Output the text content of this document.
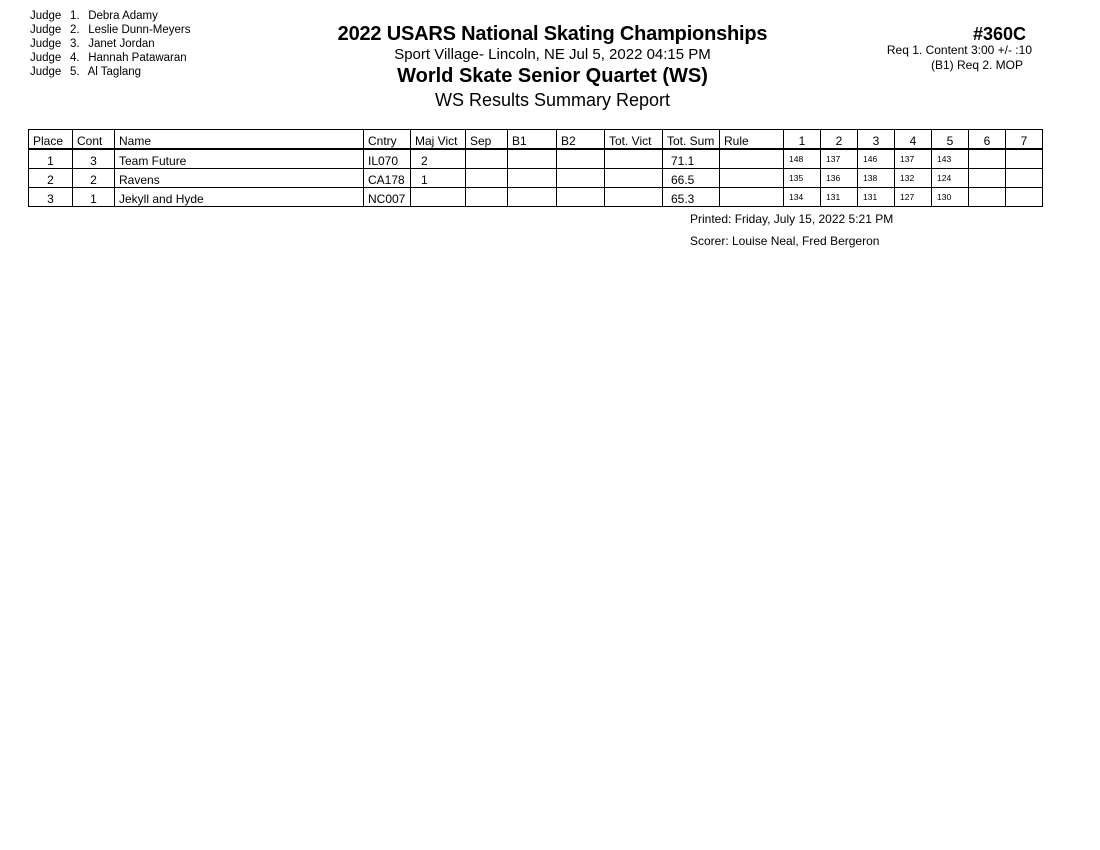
Judge 1. Debra Adamy
Judge 2. Leslie Dunn-Meyers
Judge 3. Janet Jordan
Judge 4. Hannah Patawaran
Judge 5. Al Taglang
2022 USARS National Skating Championships
Sport Village- Lincoln, NE Jul 5, 2022 04:15 PM
World Skate Senior Quartet (WS)
WS Results Summary Report
#360C
Req 1. Content 3:00 +/- :10
(B1) Req 2. MOP
Place	Cont	Name	Cntry	Maj Vict	Sep	B1	B2	Tot. Vict	Tot. Sum	Rule	1	2	3	4	5	6	7
1	3	Team Future	IL070	2					71.1		148	137	146	137	143		
2	2	Ravens	CA178	1					66.5		135	136	138	132	124		
3	1	Jekyll and Hyde	NC007						65.3		134	131	131	127	130		
Printed: Friday, July 15, 2022 5:21 PM
Scorer: Louise Neal, Fred Bergeron
